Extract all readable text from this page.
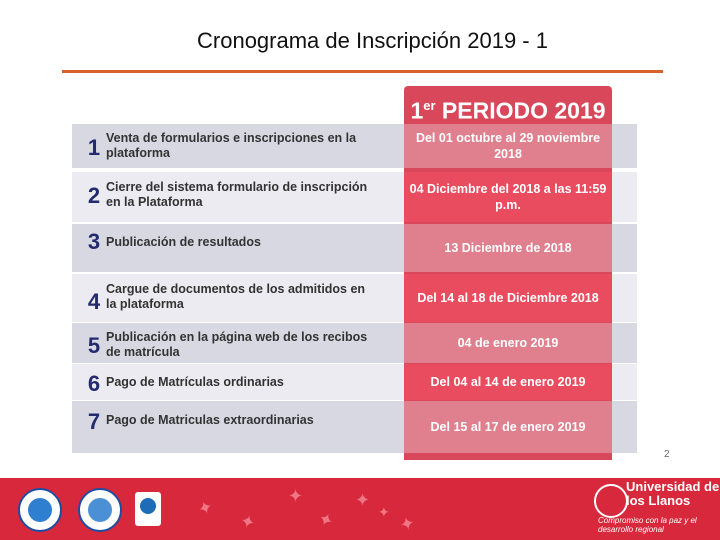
Cronograma de Inscripción 2019 - 1
1
2
3
4
5
6
7
Venta de formularios e inscripciones en la plataforma
Cierre del sistema formulario de inscripción en la Plataforma
Publicación de resultados
Cargue de documentos de los admitidos en la plataforma
Publicación en la página web de los recibos de matrícula
Pago de Matrículas ordinarias
Pago de Matriculas extraordinarias
1er PERIODO 2019
Del 01 octubre al 29 noviembre 2018
04 Diciembre del 2018 a las 11:59 p.m.
13 Diciembre de 2018
Del 14 al 18 de Diciembre 2018
04 de enero 2019
Del 04 al 14 de enero 2019
Del 15 al 17 de enero 2019
2
✦
✦
✦
✦
✦
✦
✦
Universidad de los Llanos
Compromiso con la paz y el desarrollo regional
